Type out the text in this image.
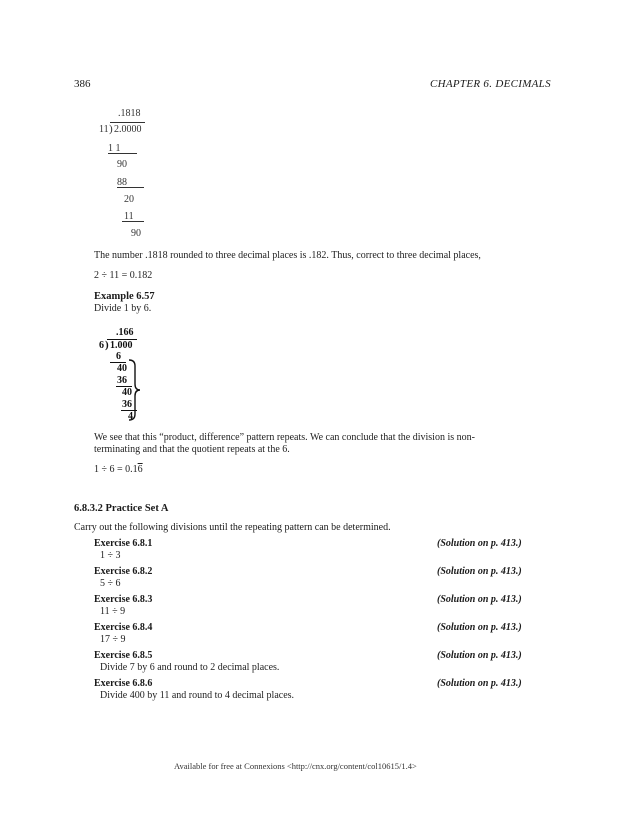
386	CHAPTER 6. DECIMALS
.1818
11 ) 2.0000
1 1
90
88
20
11
90
The number .1818 rounded to three decimal places is .182. Thus, correct to three decimal places,
2 ÷ 11 = 0.182
Example 6.57
Divide 1 by 6.
.166
6 ) 1.000
6
40
36
40
36
4
We see that this “product, difference” pattern repeats. We can conclude that the division is non-
terminating and that the quotient repeats at the 6.
1 ÷ 6 = 0.16
6.8.3.2 Practice Set A
Carry out the following divisions until the repeating pattern can be determined.
Exercise 6.8.1	(Solution on p. 413.)
1 ÷ 3
Exercise 6.8.2	(Solution on p. 413.)
5 ÷ 6
Exercise 6.8.3	(Solution on p. 413.)
11 ÷ 9
Exercise 6.8.4	(Solution on p. 413.)
17 ÷ 9
Exercise 6.8.5	(Solution on p. 413.)
Divide 7 by 6 and round to 2 decimal places.
Exercise 6.8.6	(Solution on p. 413.)
Divide 400 by 11 and round to 4 decimal places.
Available for free at Connexions <http://cnx.org/content/col10615/1.4>
